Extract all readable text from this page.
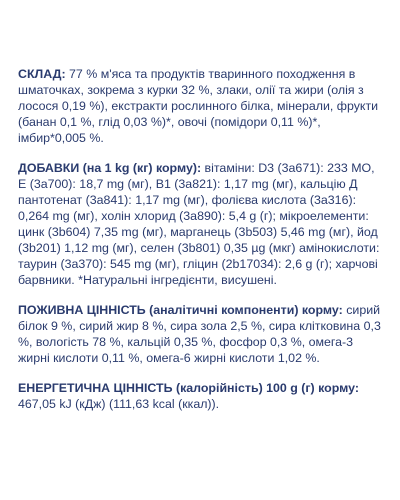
СКЛАД: 77 % м'яса та продуктів тваринного походження в шматочках, зокрема з курки 32 %, злаки, олії та жири (олія з лосося 0,19 %), екстракти рослинного білка, мінерали, фрукти (банан 0,1 %, глід 0,03 %)*, овочі (помідори 0,11 %)*, імбир*0,005 %.

ДОБАВКИ (на 1 kg (кг) корму): вітаміни: D3 (3а671): 233 МО, E (3a700): 18,7 mg (мг), B1 (3a821): 1,17 mg (мг), кальцію Д пантотенат (3a841): 1,17 mg (мг), фолієва кислота (3a316): 0,264 mg (мг), холін хлорид (3a890): 5,4 g (г); мікроелементи: цинк (3b604) 7,35 mg (мг), марганець (3b503) 5,46 mg (мг), йод (3b201) 1,12 mg (мг), селен (3b801) 0,35 µg (мкг) амінокислоти: таурин (3a370): 545 mg (мг), гліцин (2b17034): 2,6 g (г); харчові барвники. *Натуральні інгредієнти, висушені.

ПОЖИВНА ЦІННІСТЬ (аналітичні компоненти) корму: сирий білок 9 %, сирий жир 8 %, сира зола 2,5 %, сира клітковина 0,3 %, вологість 78 %, кальцій 0,35 %, фосфор 0,3 %, омега-3 жирні кислоти 0,11 %, омега-6 жирні кислоти 1,02 %.

ЕНЕРГЕТИЧНА ЦІННІСТЬ (калорійність) 100 g (г) корму: 467,05 kJ (кДж) (111,63 kcal (ккал)).
